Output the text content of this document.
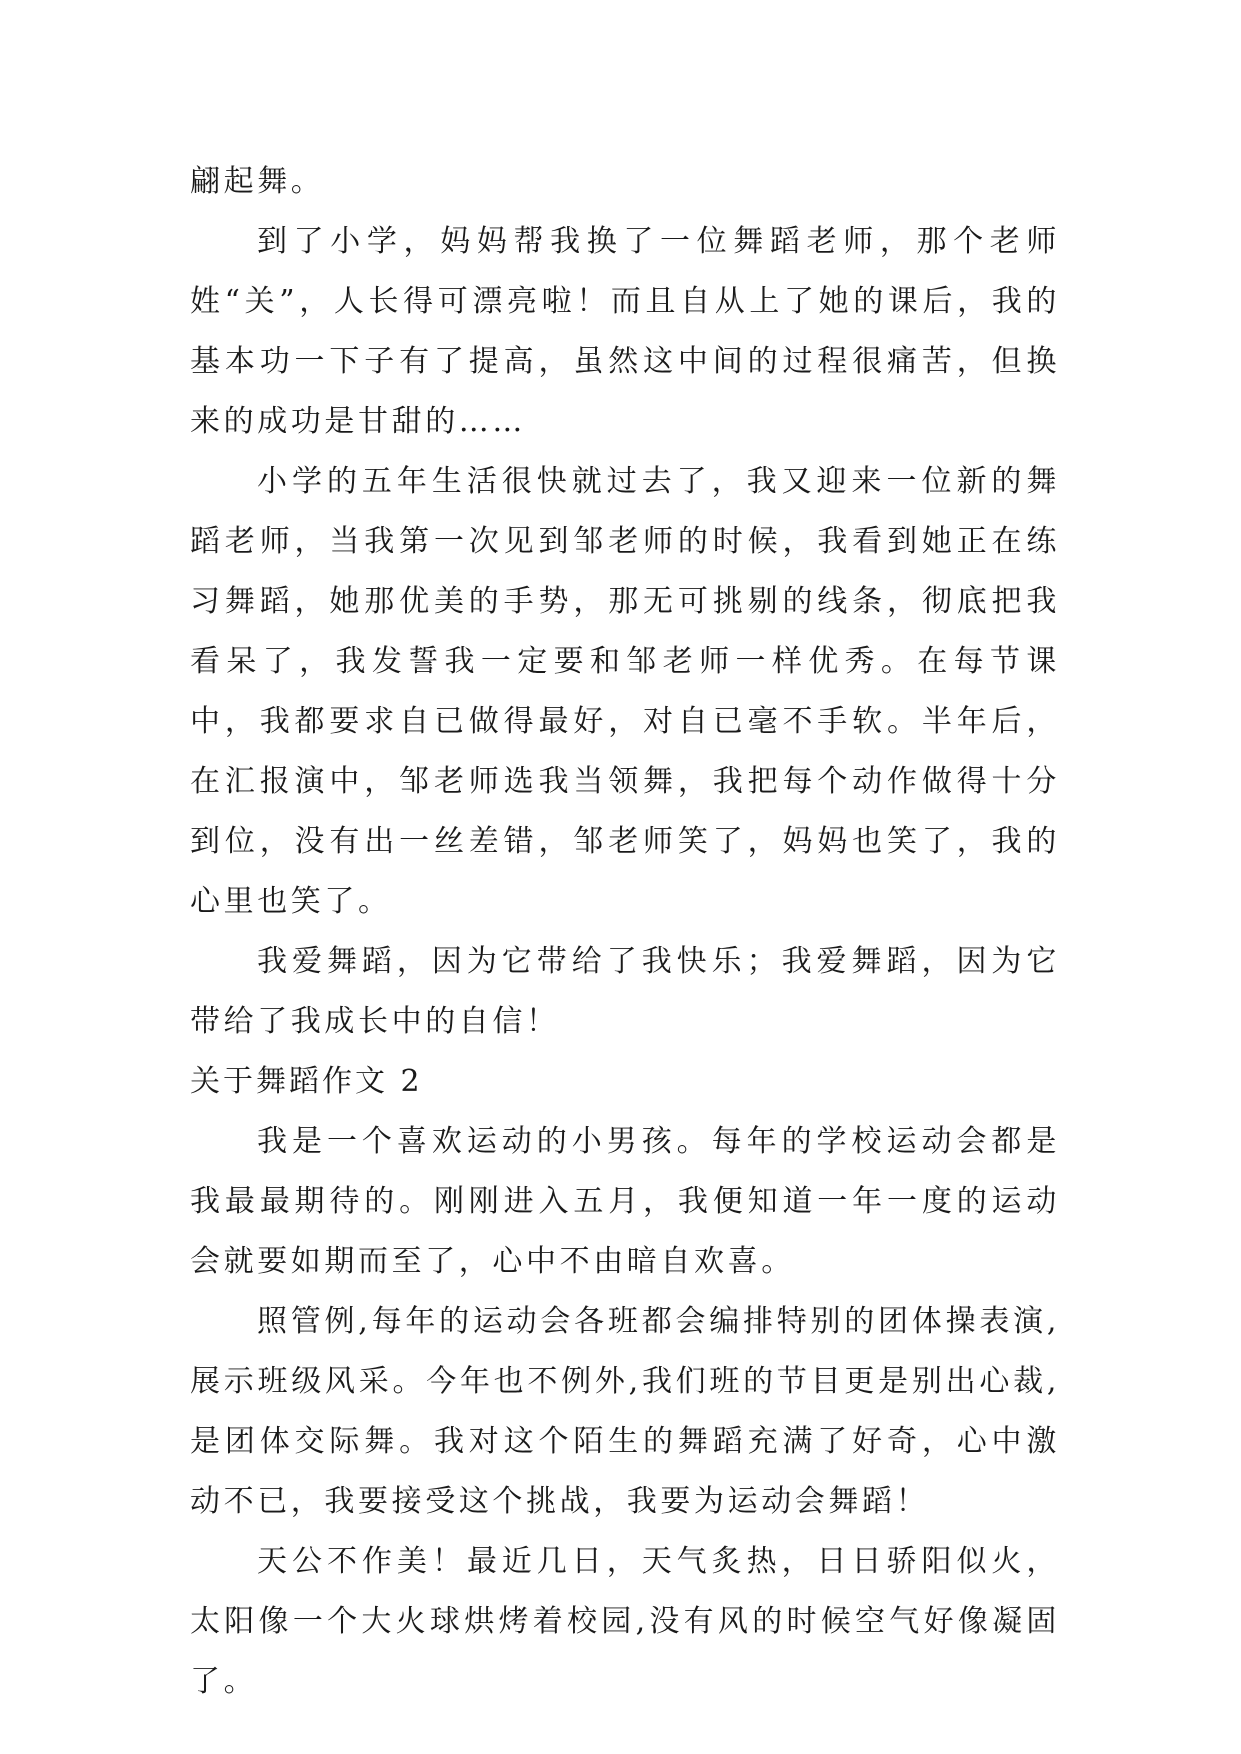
翩起舞。

到了小学，妈妈帮我换了一位舞蹈老师，那个老师姓“关”，人长得可漂亮啦！而且自从上了她的课后，我的基本功一下子有了提高，虽然这中间的过程很痛苦，但换来的成功是甘甜的……

小学的五年生活很快就过去了，我又迎来一位新的舞蹈老师，当我第一次见到邹老师的时候，我看到她正在练习舞蹈，她那优美的手势，那无可挑剔的线条，彻底把我看呆了，我发誓我一定要和邹老师一样优秀。在每节课中，我都要求自已做得最好，对自已毫不手软。半年后，在汇报演中，邹老师选我当领舞，我把每个动作做得十分到位，没有出一丝差错，邹老师笑了，妈妈也笑了，我的心里也笑了。

我爱舞蹈，因为它带给了我快乐；我爱舞蹈，因为它带给了我成长中的自信！

关于舞蹈作文 2

我是一个喜欢运动的小男孩。每年的学校运动会都是我最最期待的。刚刚进入五月，我便知道一年一度的运动会就要如期而至了，心中不由暗自欢喜。

照管例,每年的运动会各班都会编排特别的团体操表演,展示班级风采。今年也不例外,我们班的节目更是别出心裁,是团体交际舞。我对这个陌生的舞蹈充满了好奇，心中激动不已，我要接受这个挑战，我要为运动会舞蹈！

天公不作美！最近几日，天气炙热，日日骄阳似火，太阳像一个大火球烘烤着校园,没有风的时候空气好像凝固了。
